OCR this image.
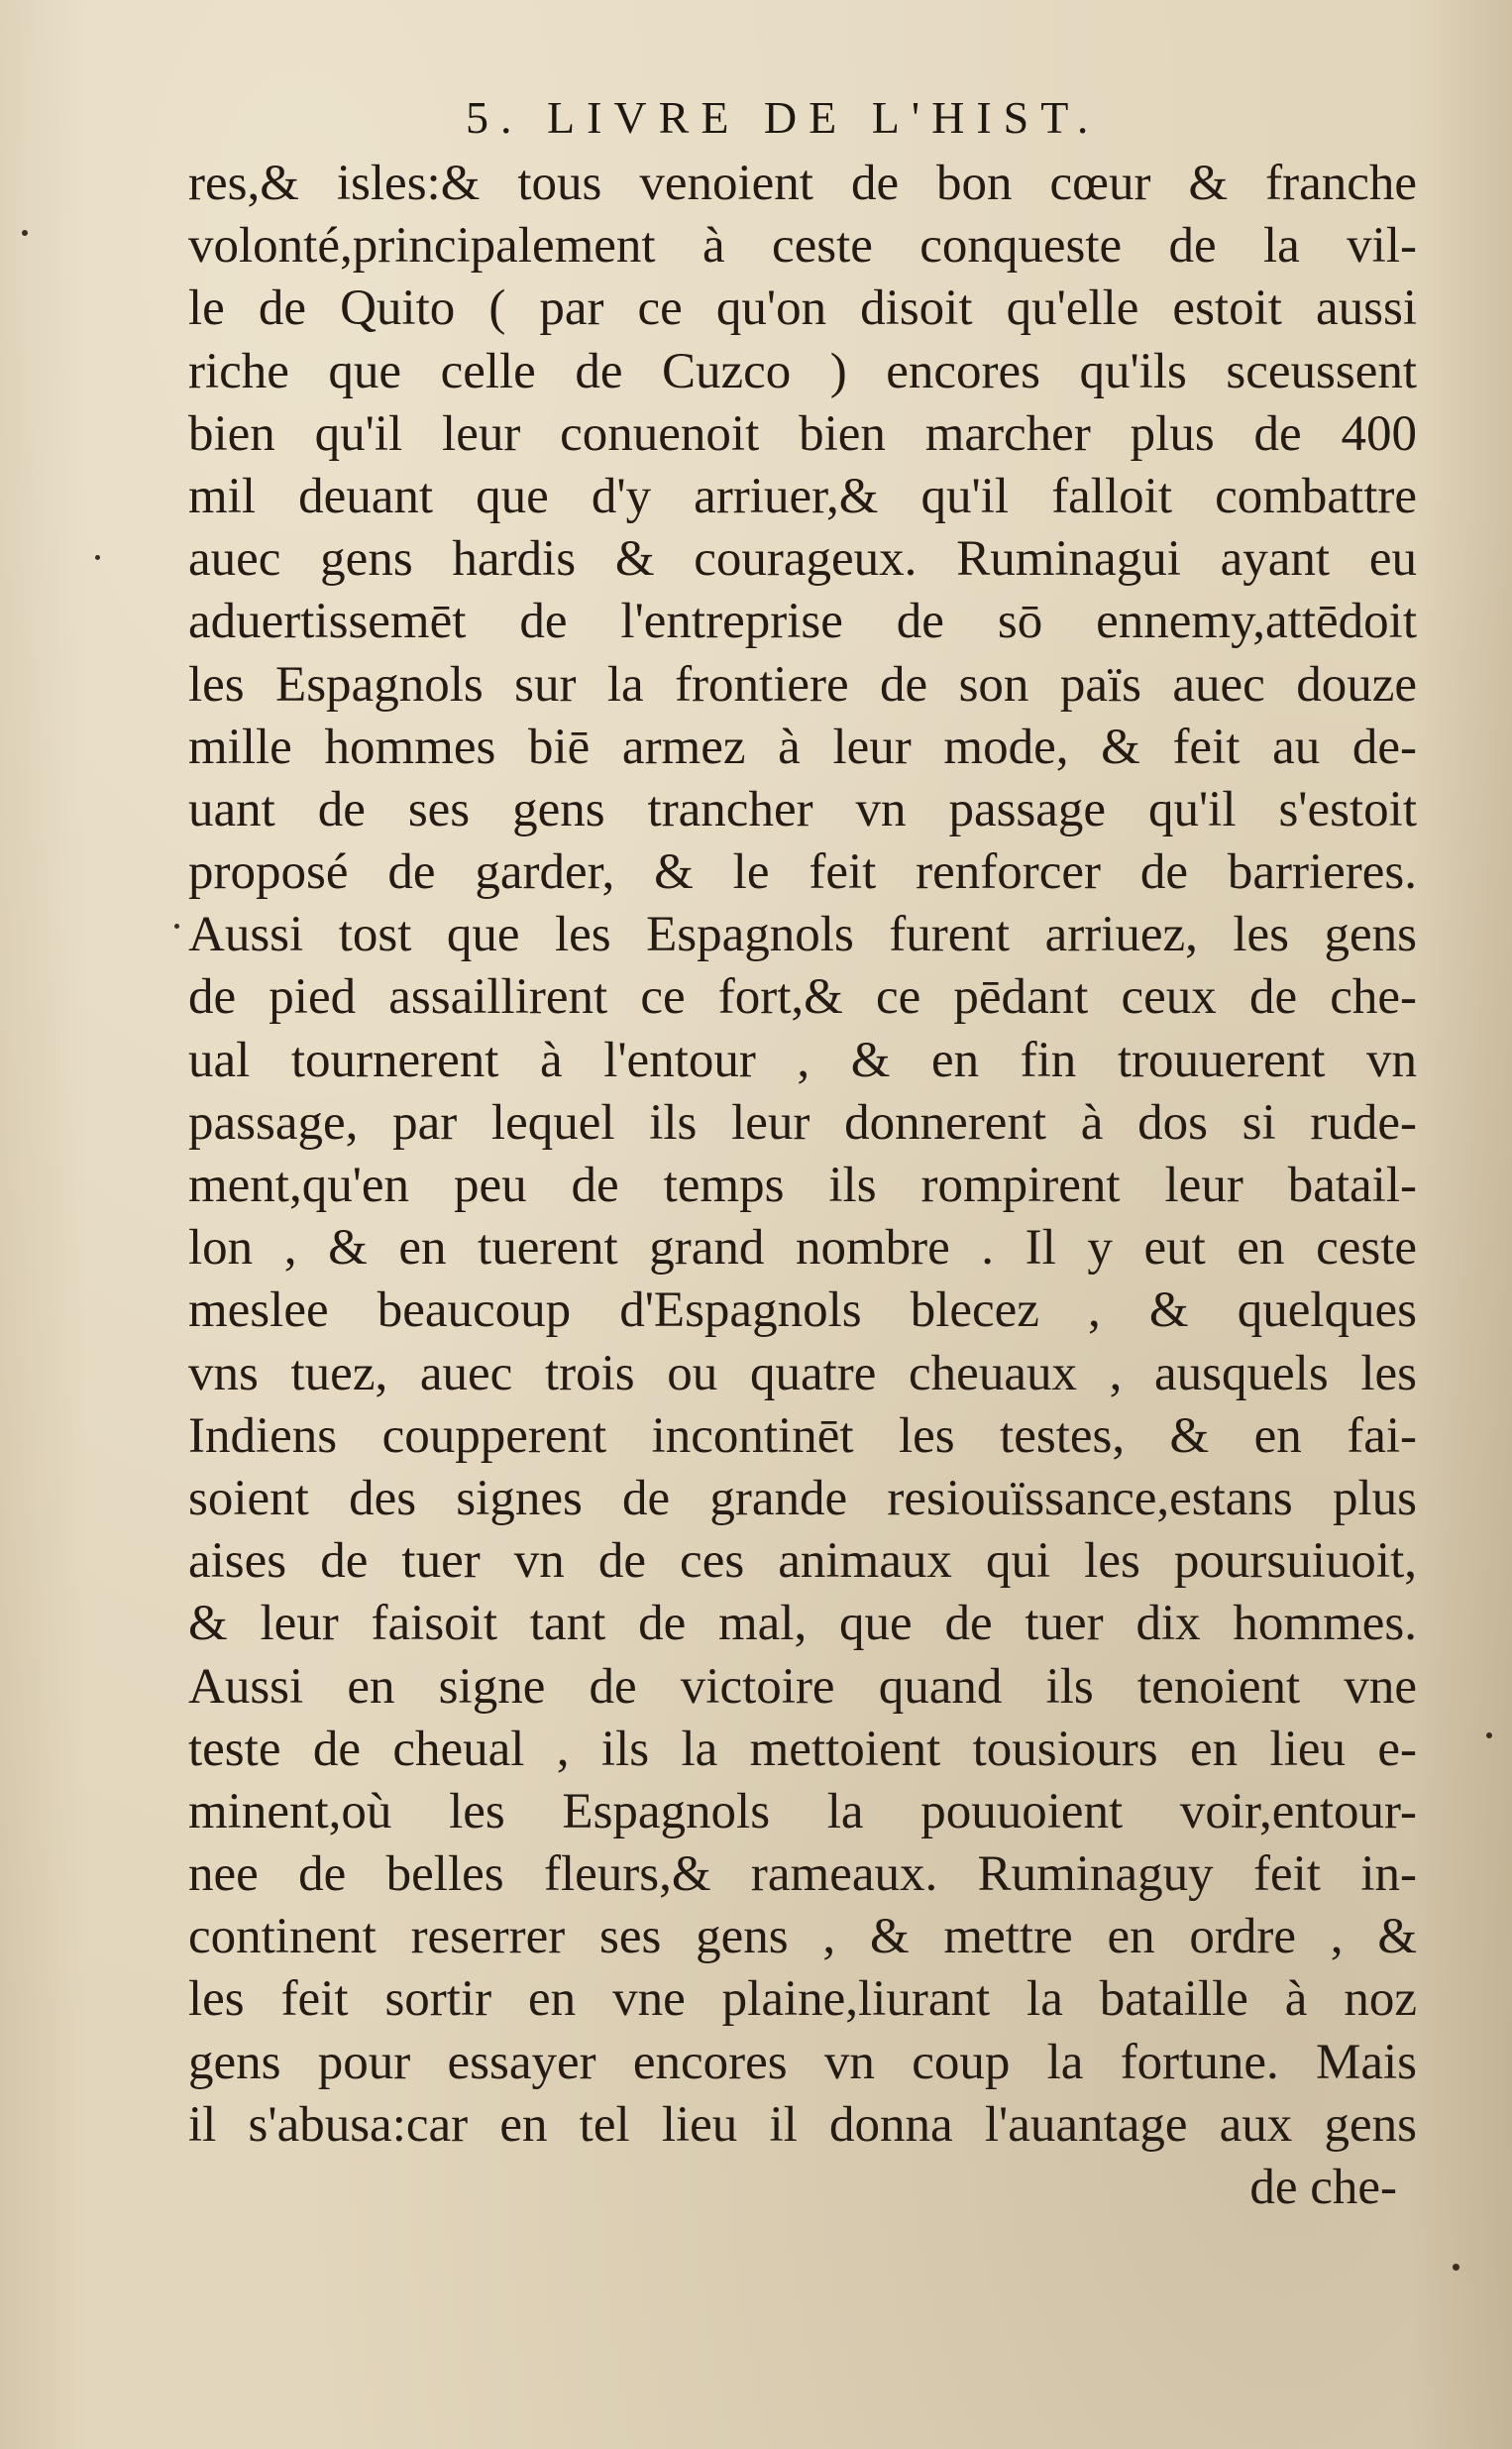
5. LIVRE DE L'HIST.
res,& isles:& tous venoient de bon cœur & franche
volonté,principalement à ceste conqueste de la vil-
le de Quito ( par ce qu'on disoit qu'elle estoit aussi
riche que celle de Cuzco ) encores qu'ils sceussent
bien qu'il leur conuenoit bien marcher plus de 400
mil deuant que d'y arriuer,& qu'il falloit combattre
auec gens hardis & courageux. Ruminagui ayant eu
aduertissemēt de l'entreprise de sō ennemy,attēdoit
les Espagnols sur la frontiere de son païs auec douze
mille hommes biē armez à leur mode, & feit au de-
uant de ses gens trancher vn passage qu'il s'estoit
proposé de garder, & le feit renforcer de barrieres.
Aussi tost que les Espagnols furent arriuez, les gens
de pied assaillirent ce fort,& ce pēdant ceux de che-
ual tournerent à l'entour , & en fin trouuerent vn
passage, par lequel ils leur donnerent à dos si rude-
ment,qu'en peu de temps ils rompirent leur batail-
lon , & en tuerent grand nombre . Il y eut en ceste
meslee beaucoup d'Espagnols blecez , & quelques
vns tuez, auec trois ou quatre cheuaux , ausquels les
Indiens coupperent incontinēt les testes, & en fai-
soient des signes de grande resiouïssance,estans plus
aises de tuer vn de ces animaux qui les poursuiuoit,
& leur faisoit tant de mal, que de tuer dix hommes.
Aussi en signe de victoire quand ils tenoient vne
teste de cheual , ils la mettoient tousiours en lieu e-
minent,où les Espagnols la pouuoient voir,entour-
nee de belles fleurs,& rameaux. Ruminaguy feit in-
continent reserrer ses gens , & mettre en ordre , &
les feit sortir en vne plaine,liurant la bataille à noz
gens pour essayer encores vn coup la fortune. Mais
il s'abusa:car en tel lieu il donna l'auantage aux gens
de che-
